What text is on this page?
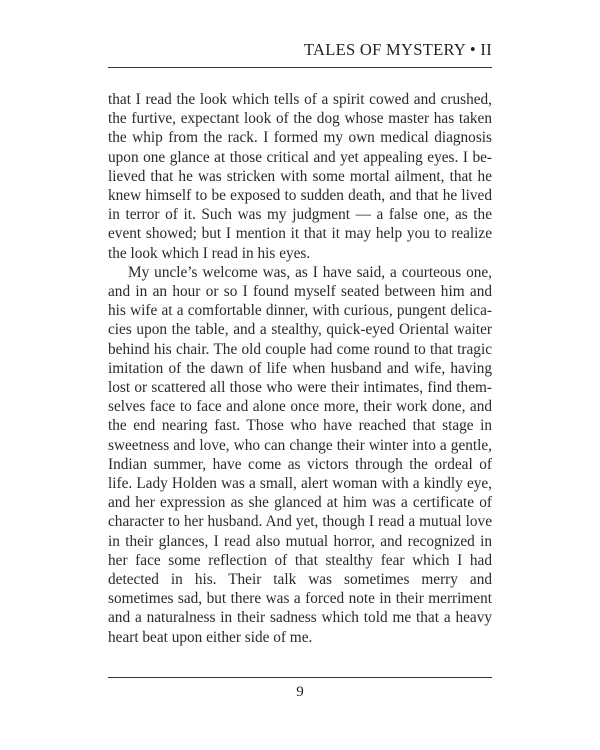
TALES OF MYSTERY • II

that I read the look which tells of a spirit cowed and crushed, the furtive, expectant look of the dog whose master has taken the whip from the rack. I formed my own medical diagnosis upon one glance at those critical and yet appealing eyes. I believed that he was stricken with some mortal ailment, that he knew himself to be exposed to sudden death, and that he lived in terror of it. Such was my judgment — a false one, as the event showed; but I mention it that it may help you to realize the look which I read in his eyes.

My uncle’s welcome was, as I have said, a courteous one, and in an hour or so I found myself seated between him and his wife at a comfortable dinner, with curious, pungent delicacies upon the table, and a stealthy, quick-eyed Oriental waiter behind his chair. The old couple had come round to that tragic imitation of the dawn of life when husband and wife, having lost or scattered all those who were their intimates, find themselves face to face and alone once more, their work done, and the end nearing fast. Those who have reached that stage in sweetness and love, who can change their winter into a gentle, Indian summer, have come as victors through the ordeal of life. Lady Holden was a small, alert woman with a kindly eye, and her expression as she glanced at him was a certificate of character to her husband. And yet, though I read a mutual love in their glances, I read also mutual horror, and recognized in her face some reflection of that stealthy fear which I had detected in his. Their talk was sometimes merry and sometimes sad, but there was a forced note in their merriment and a naturalness in their sadness which told me that a heavy heart beat upon either side of me.

9
